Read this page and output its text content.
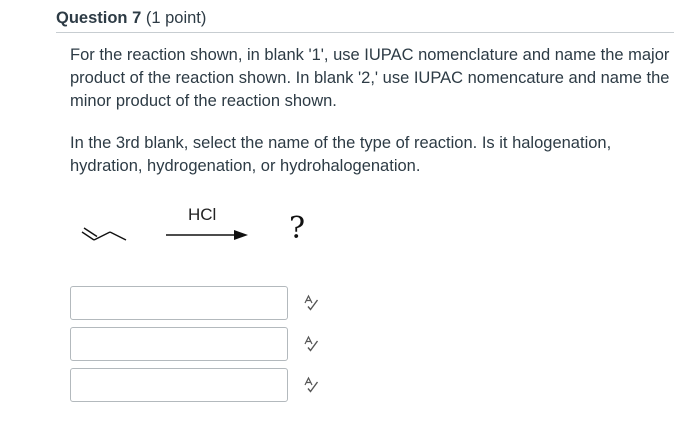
Question 7 (1 point)

For the reaction shown, in blank '1', use IUPAC nomenclature and name the major product of the reaction shown. In blank '2,' use IUPAC nomencature and name the minor product of the reaction shown.

In the 3rd blank, select the name of the type of reaction. Is it halogenation, hydration, hydrogenation, or hydrohalogenation.

HCl ?
